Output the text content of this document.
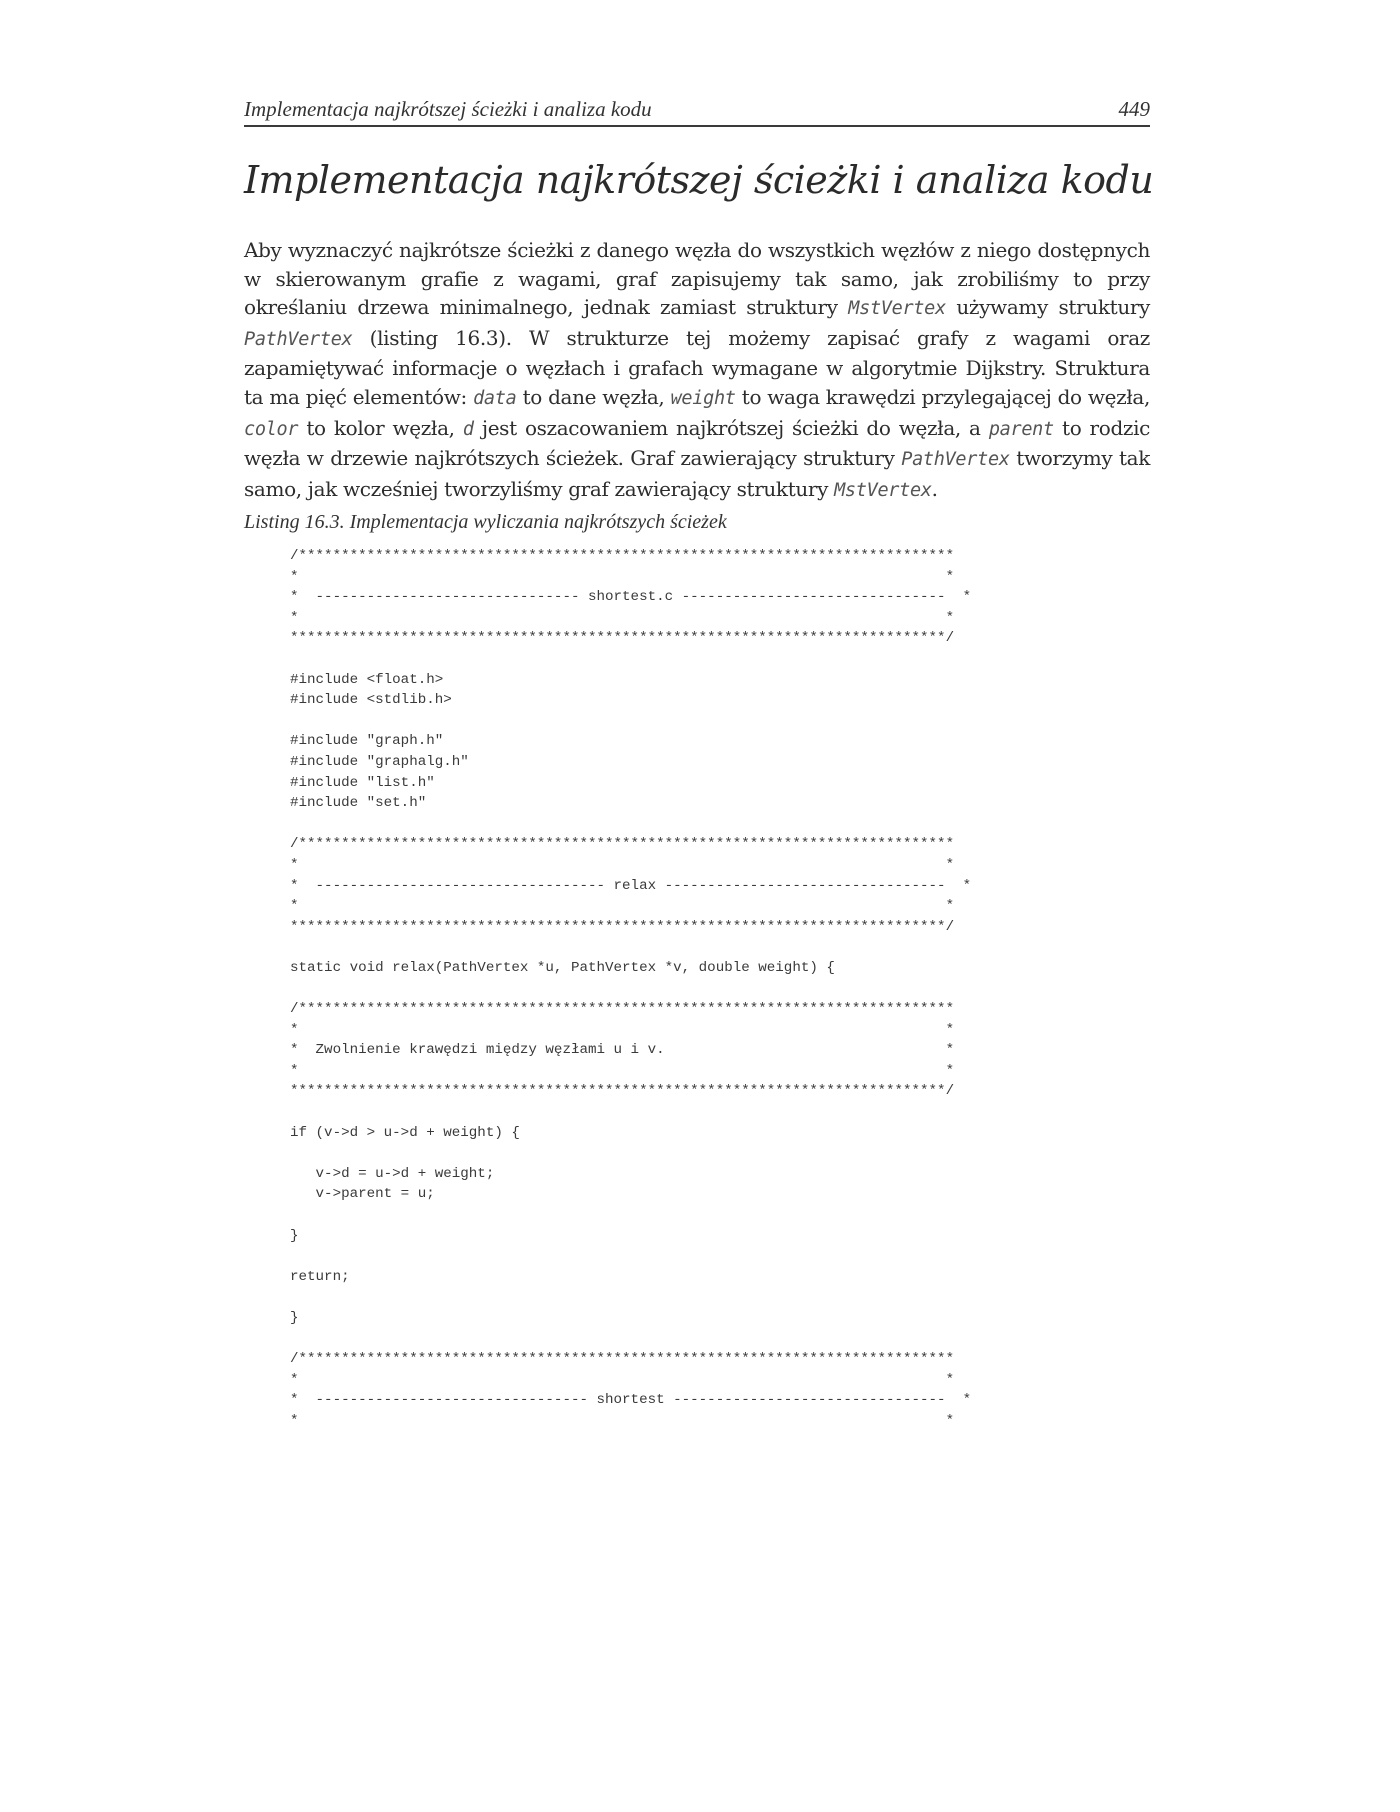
Implementacja najkrótszej ścieżki i analiza kodu	449
Implementacja najkrótszej ścieżki i analiza kodu

Aby wyznaczyć najkrótsze ścieżki z danego węzła do wszystkich węzłów z niego dostępnych w skierowanym grafie z wagami, graf zapisujemy tak samo, jak zrobiliśmy to przy określaniu drzewa minimalnego, jednak zamiast struktury MstVertex używamy struktury PathVertex (listing 16.3). W strukturze tej możemy zapisać grafy z wagami oraz zapamiętywać informacje o węzłach i grafach wymagane w algorytmie Dijkstry. Struktura ta ma pięć elementów: data to dane węzła, weight to waga krawędzi przylegającej do węzła, color to kolor węzła, d jest oszacowaniem najkrótszej ścieżki do węzła, a parent to rodzic węzła w drzewie najkrótszych ścieżek. Graf zawierający struktury PathVertex tworzymy tak samo, jak wcześniej tworzyliśmy graf zawierający struktury MstVertex.

Listing 16.3. Implementacja wyliczania najkrótszych ścieżek

/*****************************************************************************
*                                                                            *
*  ------------------------------- shortest.c -------------------------------  *
*                                                                            *
*****************************************************************************/

#include <float.h>
#include <stdlib.h>

#include "graph.h"
#include "graphalg.h"
#include "list.h"
#include "set.h"

/*****************************************************************************
*                                                                            *
*  ---------------------------------- relax ---------------------------------  *
*                                                                            *
*****************************************************************************/

static void relax(PathVertex *u, PathVertex *v, double weight) {

/*****************************************************************************
*                                                                            *
*  Zwolnienie krawędzi między węzłami u i v.                                 *
*                                                                            *
*****************************************************************************/

if (v->d > u->d + weight) {

v->d = u->d + weight;
v->parent = u;

}

return;

}

/*****************************************************************************
*                                                                            *
*  -------------------------------- shortest --------------------------------  *
*                                                                            *
